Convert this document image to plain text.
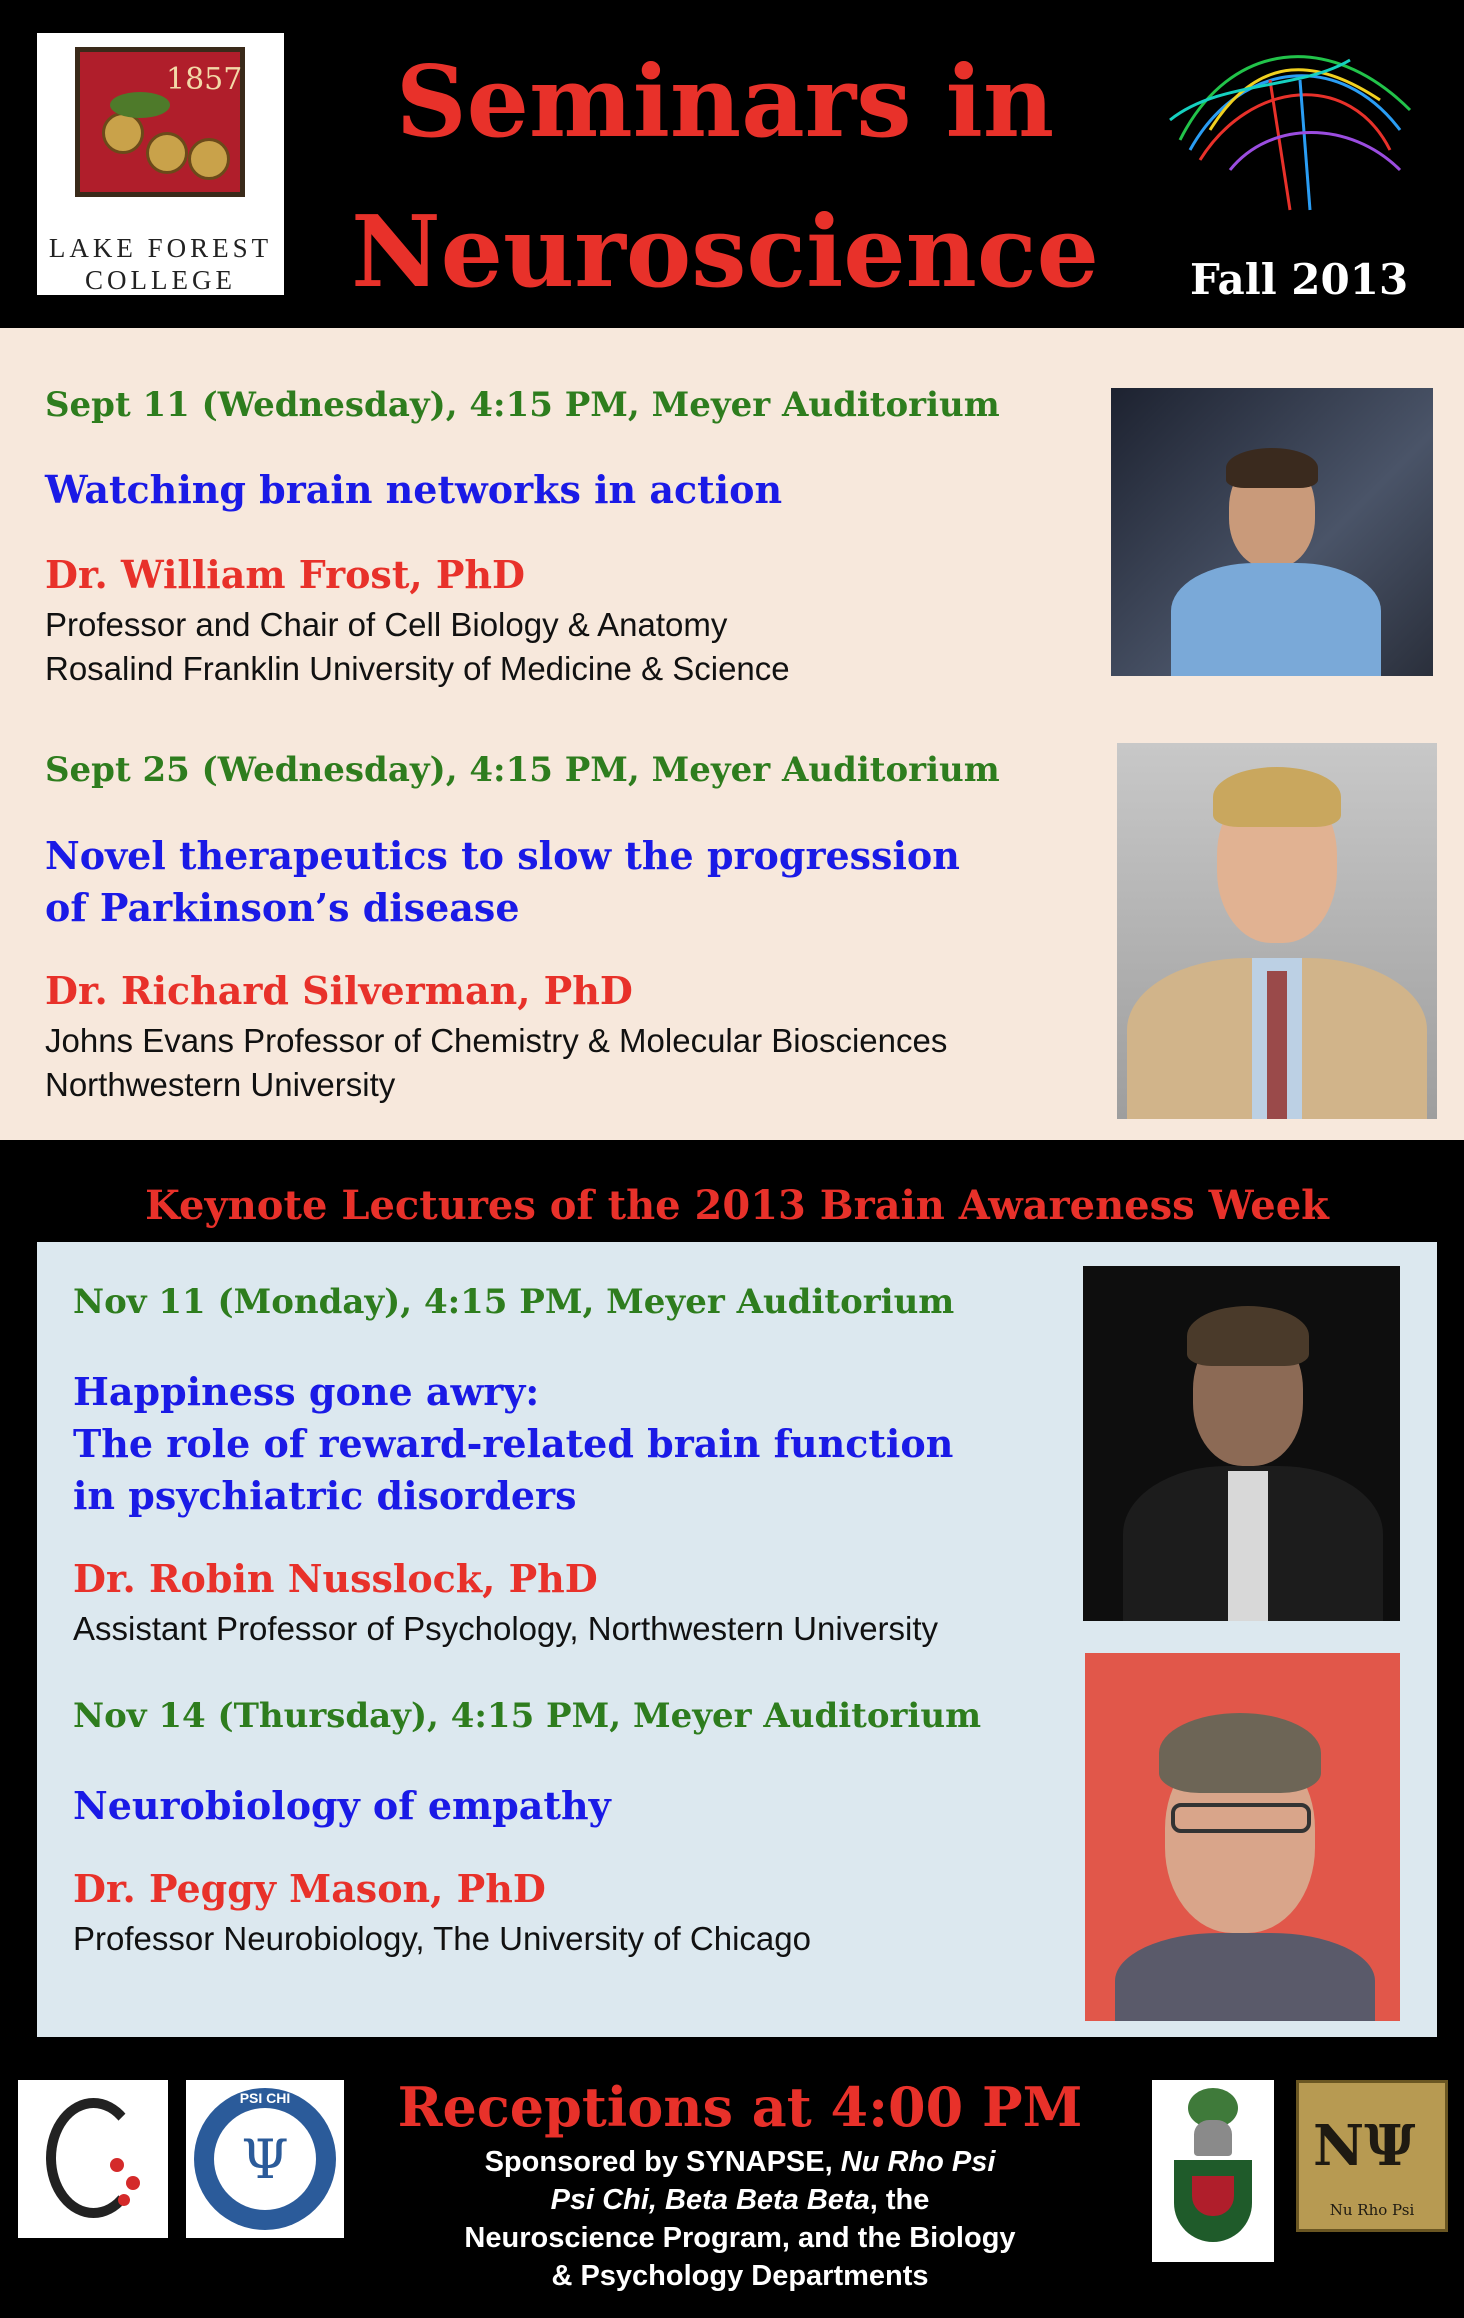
1857
LAKE FOREST
COLLEGE
Seminars in
Neuroscience	Fall 2013
Sept 11 (Wednesday), 4:15 PM, Meyer Auditorium
Watching brain networks in action
Dr. William Frost, PhD
Professor and Chair of Cell Biology & Anatomy
Rosalind Franklin University of Medicine & Science
Sept 25 (Wednesday), 4:15 PM, Meyer Auditorium
Novel therapeutics to slow the progression
of Parkinson’s disease
Dr. Richard Silverman, PhD
Johns Evans Professor of Chemistry & Molecular Biosciences
Northwestern University
Keynote Lectures of the 2013 Brain Awareness Week
Nov 11 (Monday), 4:15 PM, Meyer Auditorium
Happiness gone awry:
The role of reward-related brain function
in psychiatric disorders
Dr. Robin Nusslock, PhD
Assistant Professor of Psychology, Northwestern University
Nov 14 (Thursday), 4:15 PM, Meyer Auditorium
Neurobiology of empathy
Dr. Peggy Mason, PhD
Professor Neurobiology, The University of Chicago
Ψ
PSI CHI	Receptions at 4:00 PM
Sponsored by SYNAPSE, Nu Rho Psi
Psi Chi, Beta Beta Beta, the
Neuroscience Program, and the Biology
& Psychology Departments
NΨ
Nu Rho Psi
